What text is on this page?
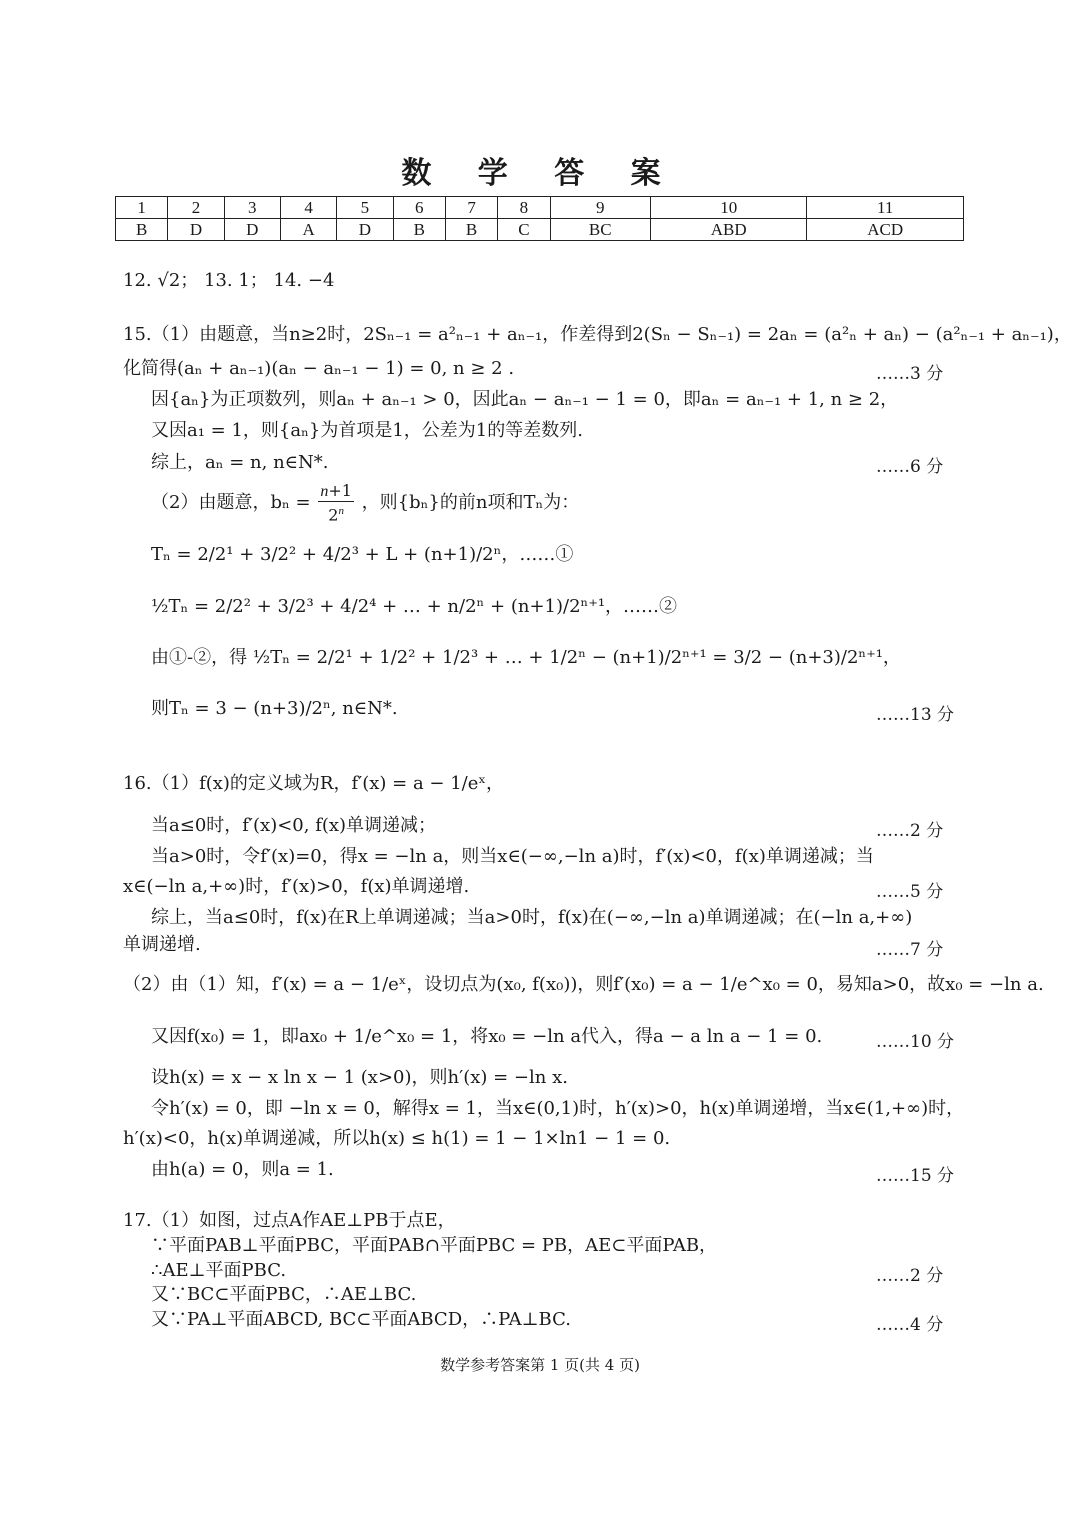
数 学 答 案
1	2	3	4	5	6	7	8	9	10	11
B	D	D	A	D	B	B	C	BC	ABD	ACD
12. √2； 13. 1； 14. −4
15.（1）由题意，当n≥2时，2Sₙ₋₁ = a²ₙ₋₁ + aₙ₋₁，作差得到2(Sₙ − Sₙ₋₁) = 2aₙ = (a²ₙ + aₙ) − (a²ₙ₋₁ + aₙ₋₁)，
化简得(aₙ + aₙ₋₁)(aₙ − aₙ₋₁ − 1) = 0, n ≥ 2 .	……3 分
因{aₙ}为正项数列，则aₙ + aₙ₋₁ > 0，因此aₙ − aₙ₋₁ − 1 = 0，即aₙ = aₙ₋₁ + 1, n ≥ 2，
又因a₁ = 1，则{aₙ}为首项是1，公差为1的等差数列.
综上，aₙ = n, n∈N*.	……6 分
（2）由题意，$b_n = \frac{n+1}{2^n}$ ，则{bₙ}的前n项和Tₙ为：
Tₙ = 2/2¹ + 3/2² + 4/2³ + L + (n+1)/2ⁿ，……①
½Tₙ = 2/2² + 3/2³ + 4/2⁴ + … + n/2ⁿ + (n+1)/2ⁿ⁺¹，……②
由①-②，得 ½Tₙ = 2/2¹ + 1/2² + 1/2³ + … + 1/2ⁿ − (n+1)/2ⁿ⁺¹ = 3/2 − (n+3)/2ⁿ⁺¹，
则Tₙ = 3 − (n+3)/2ⁿ, n∈N*.	……13 分
16.（1）f(x)的定义域为R，f′(x) = a − 1/eˣ，
当a≤0时，f′(x)<0, f(x)单调递减；	……2 分
当a>0时，令f′(x)=0，得x = −ln a，则当x∈(−∞,−ln a)时，f′(x)<0，f(x)单调递减；当
x∈(−ln a,+∞)时，f′(x)>0，f(x)单调递增.	……5 分
综上，当a≤0时，f(x)在R上单调递减；当a>0时，f(x)在(−∞,−ln a)单调递减；在(−ln a,+∞)
单调递增.	……7 分
（2）由（1）知，f′(x) = a − 1/eˣ，设切点为(x₀, f(x₀))，则f′(x₀) = a − 1/e^x₀ = 0，易知a>0，故x₀ = −ln a.
又因f(x₀) = 1，即ax₀ + 1/e^x₀ = 1，将x₀ = −ln a代入，得a − a ln a − 1 = 0.	……10 分
设h(x) = x − x ln x − 1 (x>0)，则h′(x) = −ln x.
令h′(x) = 0，即 −ln x = 0，解得x = 1，当x∈(0,1)时，h′(x)>0，h(x)单调递增，当x∈(1,+∞)时，
h′(x)<0，h(x)单调递减，所以h(x) ≤ h(1) = 1 − 1×ln1 − 1 = 0.
由h(a) = 0，则a = 1.	……15 分
17.（1）如图，过点A作AE⊥PB于点E，
∵平面PAB⊥平面PBC，平面PAB∩平面PBC = PB，AE⊂平面PAB，
∴AE⊥平面PBC.	……2 分
又∵BC⊂平面PBC，∴AE⊥BC.
又∵PA⊥平面ABCD, BC⊂平面ABCD，∴PA⊥BC.	……4 分
数学参考答案第 1 页(共 4 页)
